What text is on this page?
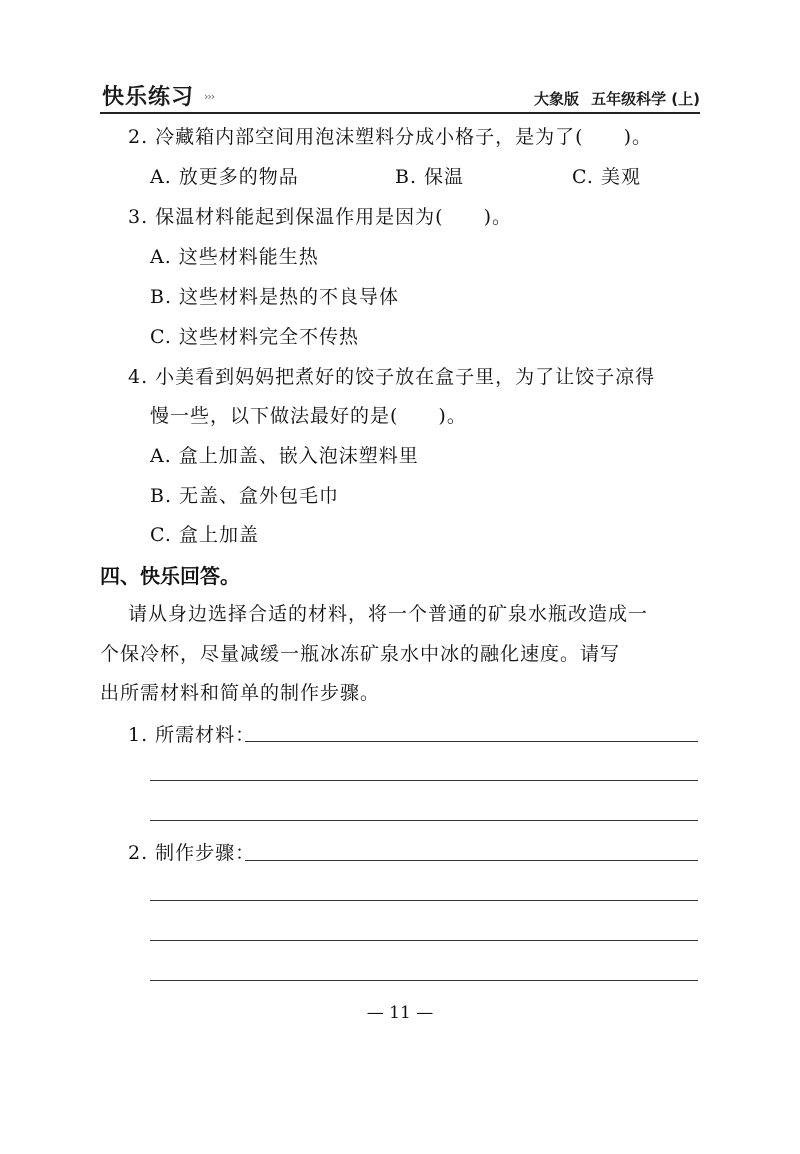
快乐练习 ›››	大象版 五年级科学 (上)
2. 冷藏箱内部空间用泡沫塑料分成小格子，是为了(　　)。
A. 放更多的物品	B. 保温	C. 美观
3. 保温材料能起到保温作用是因为(　　)。
A. 这些材料能生热
B. 这些材料是热的不良导体
C. 这些材料完全不传热
4. 小美看到妈妈把煮好的饺子放在盒子里，为了让饺子凉得
慢一些，以下做法最好的是(　　)。
A. 盒上加盖、嵌入泡沫塑料里
B. 无盖、盒外包毛巾
C. 盒上加盖
四、快乐回答。
请从身边选择合适的材料，将一个普通的矿泉水瓶改造成一
个保冷杯，尽量减缓一瓶冰冻矿泉水中冰的融化速度。请写
出所需材料和简单的制作步骤。
1. 所需材料：
2. 制作步骤：
— 11 —
